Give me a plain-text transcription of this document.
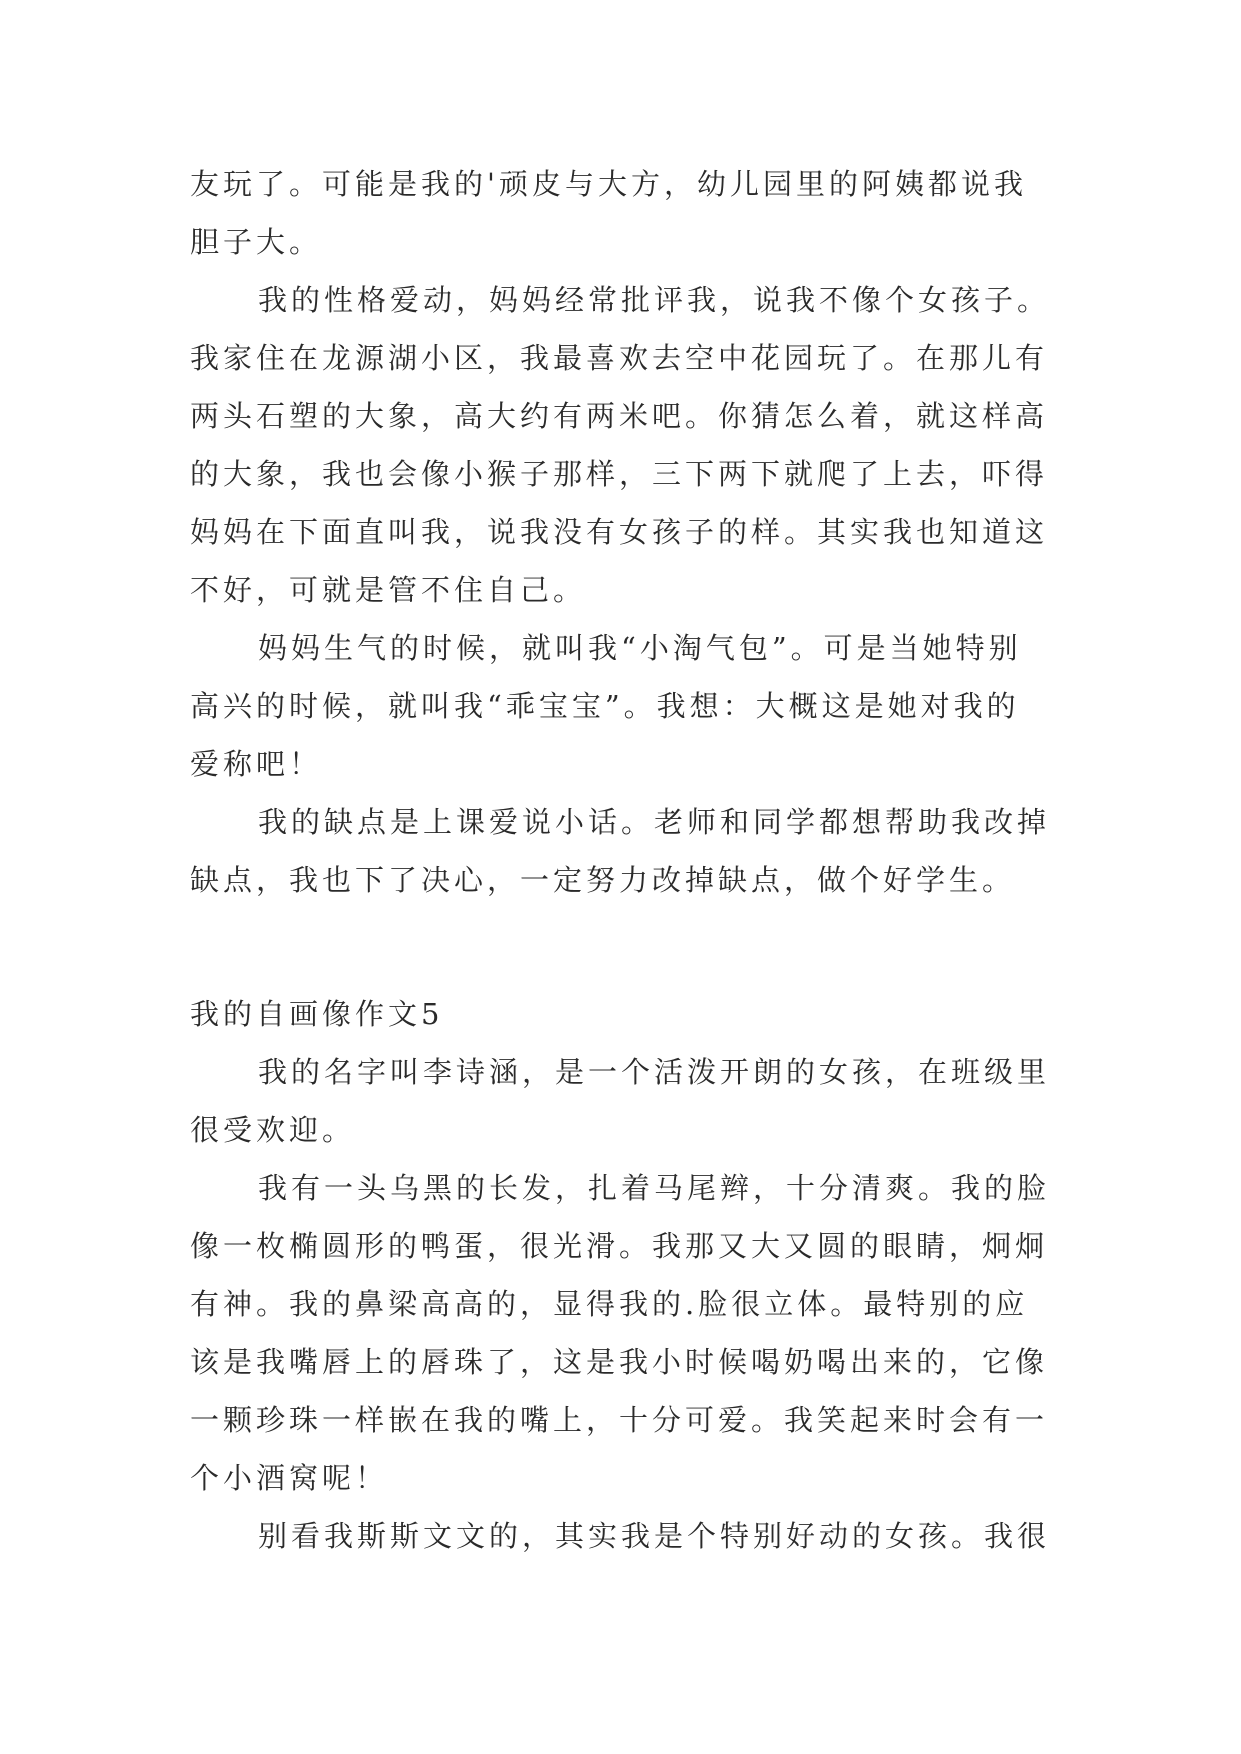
友玩了。可能是我的'顽皮与大方，幼儿园里的阿姨都说我
胆子大。
我的性格爱动，妈妈经常批评我，说我不像个女孩子。
我家住在龙源湖小区，我最喜欢去空中花园玩了。在那儿有
两头石塑的大象，高大约有两米吧。你猜怎么着，就这样高
的大象，我也会像小猴子那样，三下两下就爬了上去，吓得
妈妈在下面直叫我，说我没有女孩子的样。其实我也知道这
不好，可就是管不住自己。
妈妈生气的时候，就叫我“小淘气包”。可是当她特别
高兴的时候，就叫我“乖宝宝”。我想：大概这是她对我的
爱称吧！
我的缺点是上课爱说小话。老师和同学都想帮助我改掉
缺点，我也下了决心，一定努力改掉缺点，做个好学生。
我的自画像作文5
我的名字叫李诗涵，是一个活泼开朗的女孩，在班级里
很受欢迎。
我有一头乌黑的长发，扎着马尾辫，十分清爽。我的脸
像一枚椭圆形的鸭蛋，很光滑。我那又大又圆的眼睛，炯炯
有神。我的鼻梁高高的，显得我的.脸很立体。最特别的应
该是我嘴唇上的唇珠了，这是我小时候喝奶喝出来的，它像
一颗珍珠一样嵌在我的嘴上，十分可爱。我笑起来时会有一
个小酒窝呢！
别看我斯斯文文的，其实我是个特别好动的女孩。我很
